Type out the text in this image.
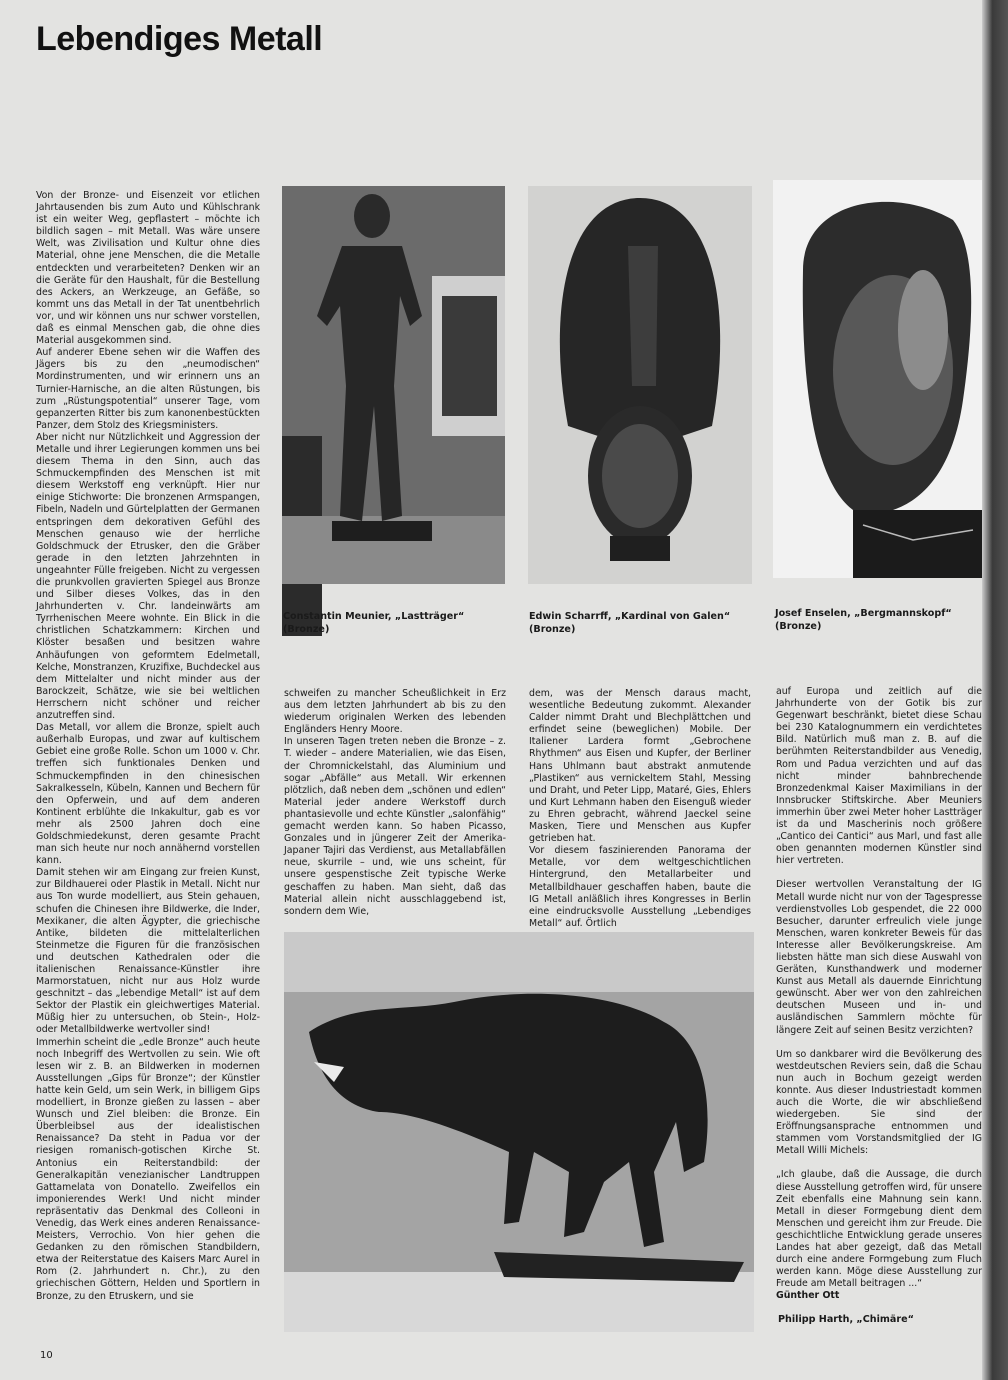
Lebendiges Metall

Von der Bronze- und Eisenzeit vor etlichen Jahrtausenden bis zum Auto und Kühlschrank ist ein weiter Weg, gepflastert – möchte ich bildlich sagen – mit Metall. Was wäre unsere Welt, was Zivilisation und Kultur ohne dies Material, ohne jene Menschen, die die Metalle entdeckten und verarbeiteten? Denken wir an die Geräte für den Haushalt, für die Bestellung des Ackers, an Werkzeuge, an Gefäße, so kommt uns das Metall in der Tat unentbehrlich vor, und wir können uns nur schwer vorstellen, daß es einmal Menschen gab, die ohne dies Material ausgekommen sind.

Auf anderer Ebene sehen wir die Waffen des Jägers bis zu den „neumodischen“ Mordinstrumenten, und wir erinnern uns an Turnier-Harnische, an die alten Rüstungen, bis zum „Rüstungspotential“ unserer Tage, vom gepanzerten Ritter bis zum kanonenbestückten Panzer, dem Stolz des Kriegsministers.

Aber nicht nur Nützlichkeit und Aggression der Metalle und ihrer Legierungen kommen uns bei diesem Thema in den Sinn, auch das Schmuckempfinden des Menschen ist mit diesem Werkstoff eng verknüpft. Hier nur einige Stichworte: Die bronzenen Armspangen, Fibeln, Nadeln und Gürtelplatten der Germanen entspringen dem dekorativen Gefühl des Menschen genauso wie der herrliche Goldschmuck der Etrusker, den die Gräber gerade in den letzten Jahrzehnten in ungeahnter Fülle freigeben. Nicht zu vergessen die prunkvollen gravierten Spiegel aus Bronze und Silber dieses Volkes, das in den Jahrhunderten v. Chr. landeinwärts am Tyrrhenischen Meere wohnte. Ein Blick in die christlichen Schatzkammern: Kirchen und Klöster besaßen und besitzen wahre Anhäufungen von geformtem Edelmetall, Kelche, Monstranzen, Kruzifixe, Buchdeckel aus dem Mittelalter und nicht minder aus der Barockzeit, Schätze, wie sie bei weltlichen Herrschern nicht schöner und reicher anzutreffen sind.

Das Metall, vor allem die Bronze, spielt auch außerhalb Europas, und zwar auf kultischem Gebiet eine große Rolle. Schon um 1000 v. Chr. treffen sich funktionales Denken und Schmuckempfinden in den chinesischen Sakralkesseln, Kübeln, Kannen und Bechern für den Opferwein, und auf dem anderen Kontinent erblühte die Inkakultur, gab es vor mehr als 2500 Jahren doch eine Goldschmiedekunst, deren gesamte Pracht man sich heute nur noch annähernd vorstellen kann.

Damit stehen wir am Eingang zur freien Kunst, zur Bildhauerei oder Plastik in Metall. Nicht nur aus Ton wurde modelliert, aus Stein gehauen, schufen die Chinesen ihre Bildwerke, die Inder, Mexikaner, die alten Ägypter, die griechische Antike, bildeten die mittelalterlichen Steinmetze die Figuren für die französischen und deutschen Kathedralen oder die italienischen Renaissance-Künstler ihre Marmorstatuen, nicht nur aus Holz wurde geschnitzt – das „lebendige Metall“ ist auf dem Sektor der Plastik ein gleichwertiges Material. Müßig hier zu untersuchen, ob Stein-, Holz- oder Metallbildwerke wertvoller sind!

Immerhin scheint die „edle Bronze“ auch heute noch Inbegriff des Wertvollen zu sein. Wie oft lesen wir z. B. an Bildwerken in modernen Ausstellungen „Gips für Bronze“; der Künstler hatte kein Geld, um sein Werk, in billigem Gips modelliert, in Bronze gießen zu lassen – aber Wunsch und Ziel bleiben: die Bronze. Ein Überbleibsel aus der idealistischen Renaissance? Da steht in Padua vor der riesigen romanisch-gotischen Kirche St. Antonius ein Reiterstandbild: der Generalkapitän venezianischer Landtruppen Gattamelata von Donatello. Zweifellos ein imponierendes Werk! Und nicht minder repräsentativ das Denkmal des Colleoni in Venedig, das Werk eines anderen Renaissance-Meisters, Verrochio. Von hier gehen die Gedanken zu den römischen Standbildern, etwa der Reiterstatue des Kaisers Marc Aurel in Rom (2. Jahrhundert n. Chr.), zu den griechischen Göttern, Helden und Sportlern in Bronze, zu den Etruskern, und sie

Constantin Meunier, „Lastträger“ (Bronze)
Edwin Scharrff, „Kardinal von Galen“
(Bronze)
Josef Enselen, „Bergmannskopf“
(Bronze)

schweifen zu mancher Scheußlichkeit in Erz aus dem letzten Jahrhundert ab bis zu den wiederum originalen Werken des lebenden Engländers Henry Moore.

In unseren Tagen treten neben die Bronze – z. T. wieder – andere Materialien, wie das Eisen, der Chromnickelstahl, das Aluminium und sogar „Abfälle“ aus Metall. Wir erkennen plötzlich, daß neben dem „schönen und edlen“ Material jeder andere Werkstoff durch phantasievolle und echte Künstler „salonfähig“ gemacht werden kann. So haben Picasso, Gonzales und in jüngerer Zeit der Amerika-Japaner Tajiri das Verdienst, aus Metallabfällen neue, skurrile – und, wie uns scheint, für unsere gespenstische Zeit typische Werke geschaffen zu haben. Man sieht, daß das Material allein nicht ausschlaggebend ist, sondern dem Wie,

dem, was der Mensch daraus macht, wesentliche Bedeutung zukommt. Alexander Calder nimmt Draht und Blechplättchen und erfindet seine (beweglichen) Mobile. Der Italiener Lardera formt „Gebrochene Rhythmen“ aus Eisen und Kupfer, der Berliner Hans Uhlmann baut abstrakt anmutende „Plastiken“ aus vernickeltem Stahl, Messing und Draht, und Peter Lipp, Mataré, Gies, Ehlers und Kurt Lehmann haben den Eisenguß wieder zu Ehren gebracht, während Jaeckel seine Masken, Tiere und Menschen aus Kupfer getrieben hat.

Vor diesem faszinierenden Panorama der Metalle, vor dem weltgeschichtlichen Hintergrund, den Metallarbeiter und Metallbildhauer geschaffen haben, baute die IG Metall anläßlich ihres Kongresses in Berlin eine eindrucksvolle Ausstellung „Lebendiges Metall“ auf. Örtlich

auf Europa und zeitlich auf die Jahrhunderte von der Gotik bis zur Gegenwart beschränkt, bietet diese Schau bei 230 Katalognummern ein verdichtetes Bild. Natürlich muß man z. B. auf die berühmten Reiterstandbilder aus Venedig, Rom und Padua verzichten und auf das nicht minder bahnbrechende Bronzedenkmal Kaiser Maximilians in der Innsbrucker Stiftskirche. Aber Meuniers immerhin über zwei Meter hoher Lastträger ist da und Mascherinis noch größere „Cantico dei Cantici“ aus Marl, und fast alle oben genannten modernen Künstler sind hier vertreten.

Dieser wertvollen Veranstaltung der IG Metall wurde nicht nur von der Tagespresse verdienstvolles Lob gespendet, die 22 000 Besucher, darunter erfreulich viele junge Menschen, waren konkreter Beweis für das Interesse aller Bevölkerungskreise. Am liebsten hätte man sich diese Auswahl von Geräten, Kunsthandwerk und moderner Kunst aus Metall als dauernde Einrichtung gewünscht. Aber wer von den zahlreichen deutschen Museen und in- und ausländischen Sammlern möchte für längere Zeit auf seinen Besitz verzichten?

Um so dankbarer wird die Bevölkerung des westdeutschen Reviers sein, daß die Schau nun auch in Bochum gezeigt werden konnte. Aus dieser Industriestadt kommen auch die Worte, die wir abschließend wiedergeben. Sie sind der Eröffnungsansprache entnommen und stammen vom Vorstandsmitglied der IG Metall Willi Michels:

„Ich glaube, daß die Aussage, die durch diese Ausstellung getroffen wird, für unsere Zeit ebenfalls eine Mahnung sein kann. Metall in dieser Formgebung dient dem Menschen und gereicht ihm zur Freude. Die geschichtliche Entwicklung gerade unseres Landes hat aber gezeigt, daß das Metall durch eine andere Formgebung zum Fluch werden kann. Möge diese Ausstellung zur Freude am Metall beitragen ...“

Günther Ott

Philipp Harth, „Chimäre“
10
